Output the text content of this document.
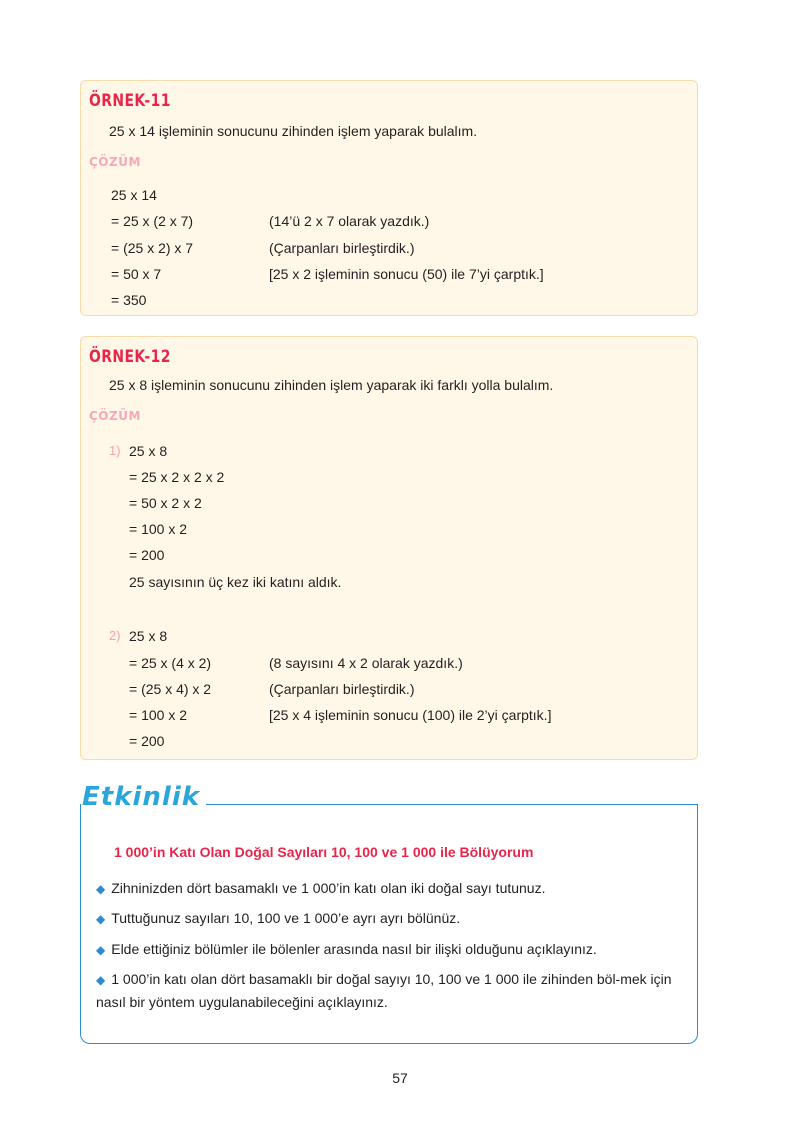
ÖRNEK-11
25 x 14 işleminin sonucunu zihinden işlem yaparak bulalım.
ÇÖZÜM
25 x 14
= 25 x (2 x 7)
= (25 x 2) x 7
= 50 x 7
= 350
(14’ü 2 x 7 olarak yazdık.)
(Çarpanları birleştirdik.)
[25 x 2 işleminin sonucu (50) ile 7’yi çarptık.]
ÖRNEK-12
25 x 8 işleminin sonucunu zihinden işlem yaparak iki farklı yolla bulalım.
ÇÖZÜM
1) 25 x 8
= 25 x 2 x 2 x 2
= 50 x 2 x 2
= 100 x 2
= 200
25 sayısının üç kez iki katını aldık.
2) 25 x 8
= 25 x (4 x 2)
= (25 x 4) x 2
= 100 x 2
= 200
(8 sayısını 4 x 2 olarak yazdık.)
(Çarpanları birleştirdik.)
[25 x 4 işleminin sonucu (100) ile 2’yi çarptık.]
Etkinlik
1 000’in Katı Olan Doğal Sayıları 10, 100 ve 1 000 ile Bölüyorum
◆ Zihninizden dört basamaklı ve 1 000’in katı olan iki doğal sayı tutunuz.
◆ Tuttuğunuz sayıları 10, 100 ve 1 000’e ayrı ayrı bölünüz.
◆ Elde ettiğiniz bölümler ile bölenler arasında nasıl bir ilişki olduğunu açıklayınız.
◆ 1 000’in katı olan dört basamaklı bir doğal sayıyı 10, 100 ve 1 000 ile zihinden böl-mek için nasıl bir yöntem uygulanabileceğini açıklayınız.
57
